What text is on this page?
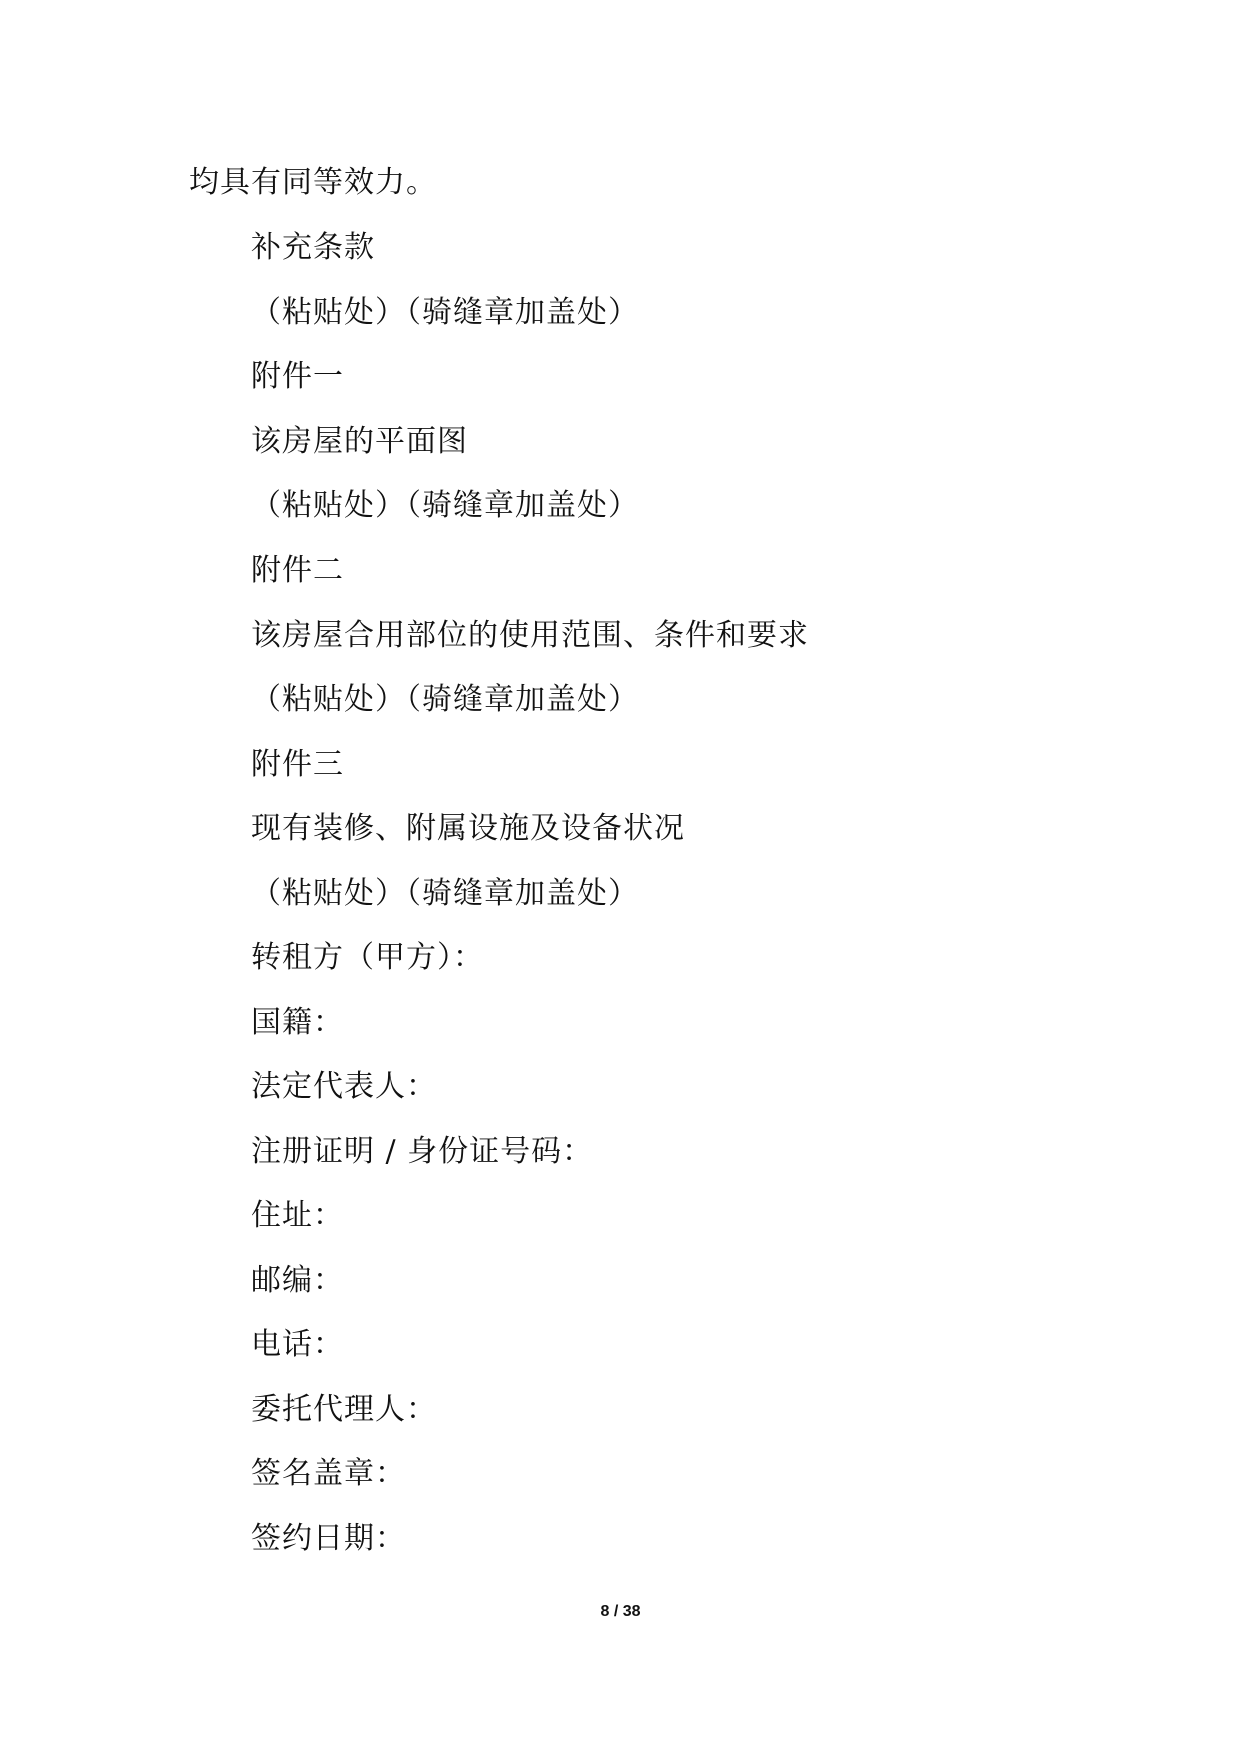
均具有同等效力。
补充条款
（粘贴处）（骑缝章加盖处）
附件一
该房屋的平面图
（粘贴处）（骑缝章加盖处）
附件二
该房屋合用部位的使用范围、条件和要求
（粘贴处）（骑缝章加盖处）
附件三
现有装修、附属设施及设备状况
（粘贴处）（骑缝章加盖处）
转租方（甲方）：
国籍：
法定代表人：
注册证明 / 身份证号码：
住址：
邮编：
电话：
委托代理人：
签名盖章：
签约日期：
8 / 38
